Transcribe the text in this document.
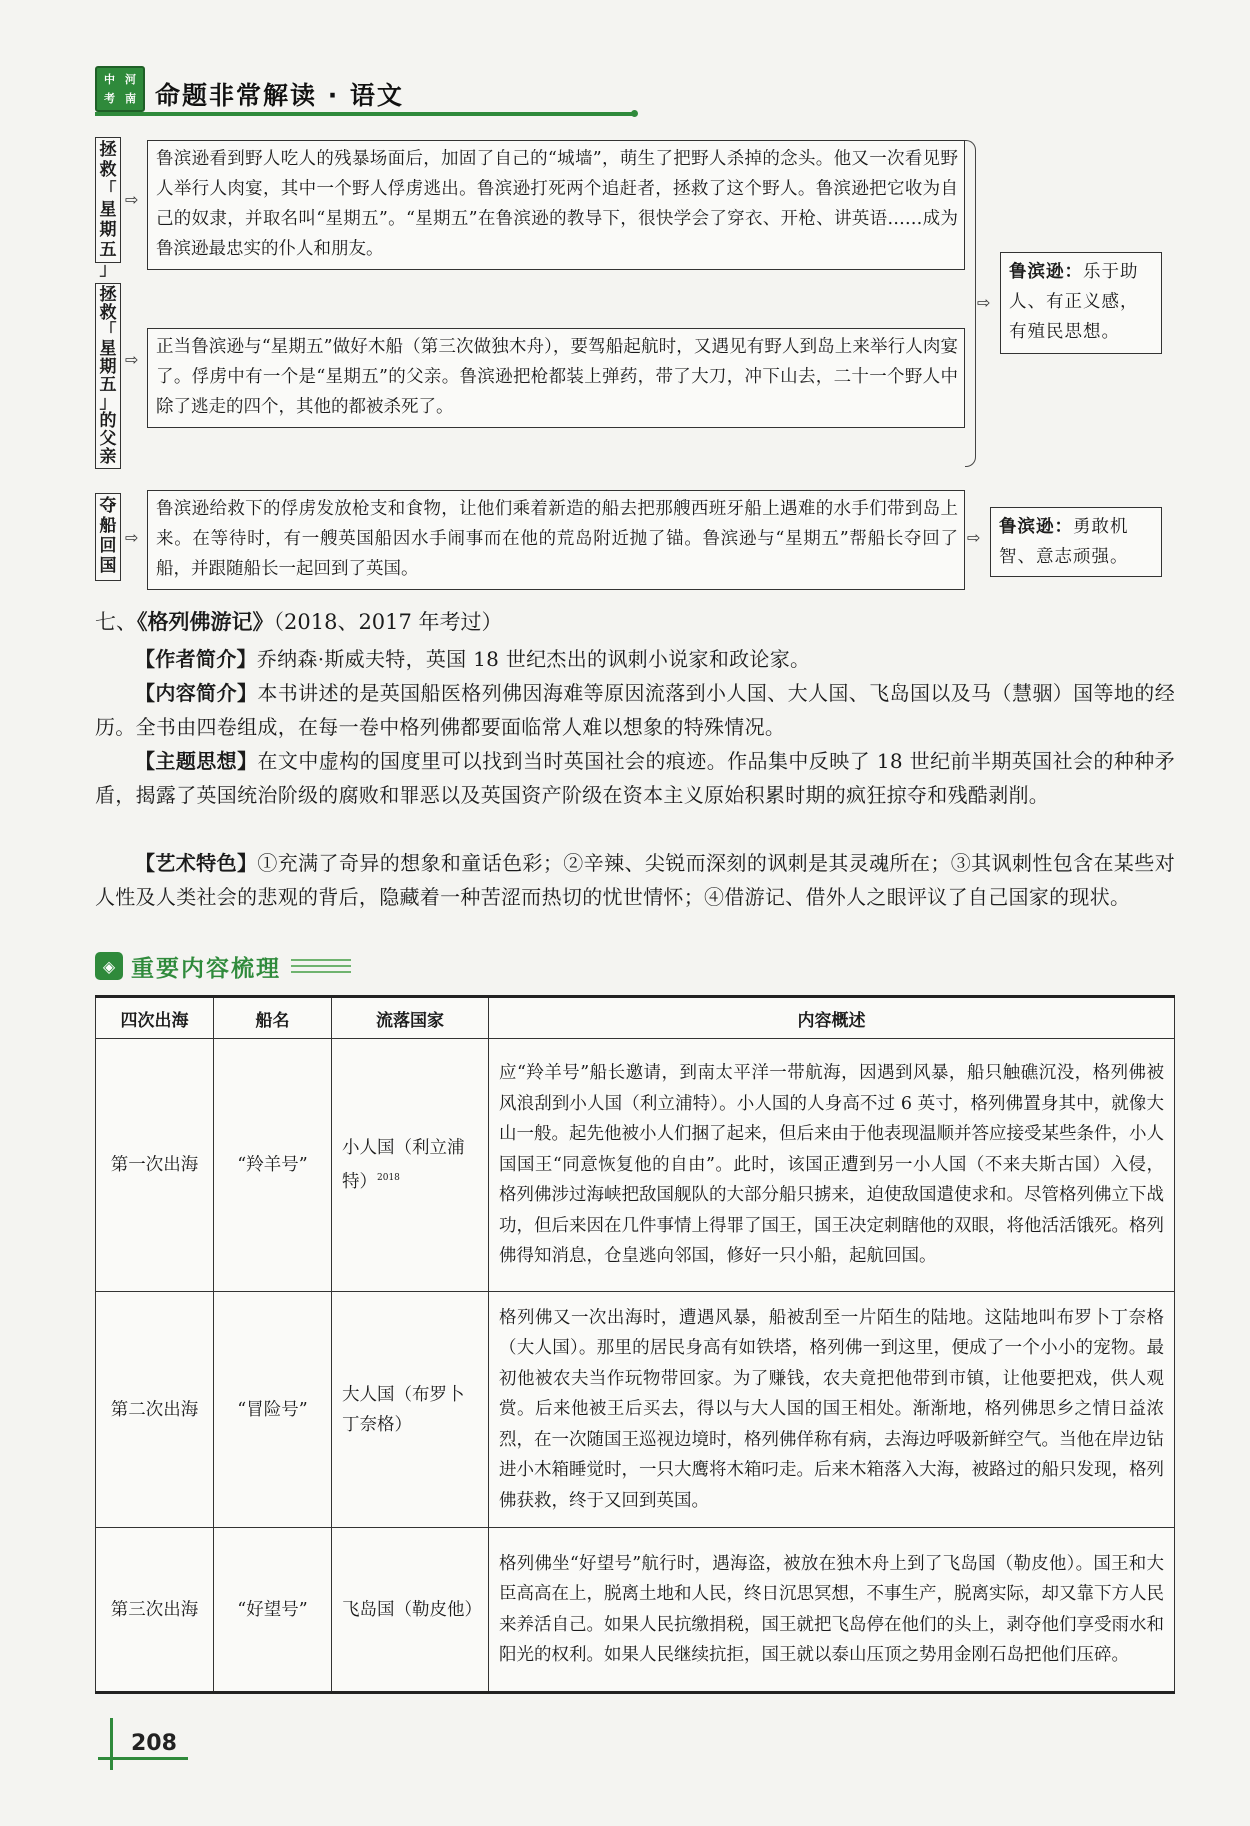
中 河
考 南 命题非常解读 · 语文
拯
救
「
星
期
五
」
⇨
鲁滨逊看到野人吃人的残暴场面后，加固了自己的“城墙”，萌生了把野人杀掉的念头。他又一次看见野人举行人肉宴，其中一个野人俘虏逃出。鲁滨逊打死两个追赶者，拯救了这个野人。鲁滨逊把它收为自己的奴隶，并取名叫“星期五”。“星期五”在鲁滨逊的教导下，很快学会了穿衣、开枪、讲英语……成为鲁滨逊最忠实的仆人和朋友。
拯
救
「
星
期
五
」
的
父
亲
⇨
正当鲁滨逊与“星期五”做好木船（第三次做独木舟），要驾船起航时，又遇见有野人到岛上来举行人肉宴了。俘虏中有一个是“星期五”的父亲。鲁滨逊把枪都装上弹药，带了大刀，冲下山去，二十一个野人中除了逃走的四个，其他的都被杀死了。
⇨
鲁滨逊：乐于助人、有正义感，有殖民思想。
夺
船
回
国
⇨
鲁滨逊给救下的俘虏发放枪支和食物，让他们乘着新造的船去把那艘西班牙船上遇难的水手们带到岛上来。在等待时，有一艘英国船因水手闹事而在他的荒岛附近抛了锚。鲁滨逊与“星期五”帮船长夺回了船，并跟随船长一起回到了英国。
⇨
鲁滨逊：勇敢机智、意志顽强。
七、《格列佛游记》（2018、2017 年考过）
【作者简介】乔纳森·斯威夫特，英国 18 世纪杰出的讽刺小说家和政论家。
【内容简介】本书讲述的是英国船医格列佛因海难等原因流落到小人国、大人国、飞岛国以及马（慧骃）国等地的经历。全书由四卷组成，在每一卷中格列佛都要面临常人难以想象的特殊情况。
【主题思想】在文中虚构的国度里可以找到当时英国社会的痕迹。作品集中反映了 18 世纪前半期英国社会的种种矛盾，揭露了英国统治阶级的腐败和罪恶以及英国资产阶级在资本主义原始积累时期的疯狂掠夺和残酷剥削。
【艺术特色】①充满了奇异的想象和童话色彩；②辛辣、尖锐而深刻的讽刺是其灵魂所在；③其讽刺性包含在某些对人性及人类社会的悲观的背后，隐藏着一种苦涩而热切的忧世情怀；④借游记、借外人之眼评议了自己国家的现状。
◈ 重要内容梳理
四次出海	船名	流落国家	内容概述
第一次出海	“羚羊号”	小人国（利立浦特）$^{2018}$	应“羚羊号”船长邀请，到南太平洋一带航海，因遇到风暴，船只触礁沉没，格列佛被风浪刮到小人国（利立浦特）。小人国的人身高不过 6 英寸，格列佛置身其中，就像大山一般。起先他被小人们捆了起来，但后来由于他表现温顺并答应接受某些条件，小人国国王“同意恢复他的自由”。此时，该国正遭到另一小人国（不来夫斯古国）入侵，格列佛涉过海峡把敌国舰队的大部分船只掳来，迫使敌国遣使求和。尽管格列佛立下战功，但后来因在几件事情上得罪了国王，国王决定刺瞎他的双眼，将他活活饿死。格列佛得知消息，仓皇逃向邻国，修好一只小船，起航回国。
第二次出海	“冒险号”	大人国（布罗卜丁奈格）	格列佛又一次出海时，遭遇风暴，船被刮至一片陌生的陆地。这陆地叫布罗卜丁奈格（大人国）。那里的居民身高有如铁塔，格列佛一到这里，便成了一个小小的宠物。最初他被农夫当作玩物带回家。为了赚钱，农夫竟把他带到市镇，让他要把戏，供人观赏。后来他被王后买去，得以与大人国的国王相处。渐渐地，格列佛思乡之情日益浓烈，在一次随国王巡视边境时，格列佛佯称有病，去海边呼吸新鲜空气。当他在岸边钻进小木箱睡觉时，一只大鹰将木箱叼走。后来木箱落入大海，被路过的船只发现，格列佛获救，终于又回到英国。
第三次出海	“好望号”	飞岛国（勒皮他）	格列佛坐“好望号”航行时，遇海盗，被放在独木舟上到了飞岛国（勒皮他）。国王和大臣高高在上，脱离土地和人民，终日沉思冥想，不事生产，脱离实际，却又靠下方人民来养活自己。如果人民抗缴捐税，国王就把飞岛停在他们的头上，剥夺他们享受雨水和阳光的权利。如果人民继续抗拒，国王就以泰山压顶之势用金刚石岛把他们压碎。
208
